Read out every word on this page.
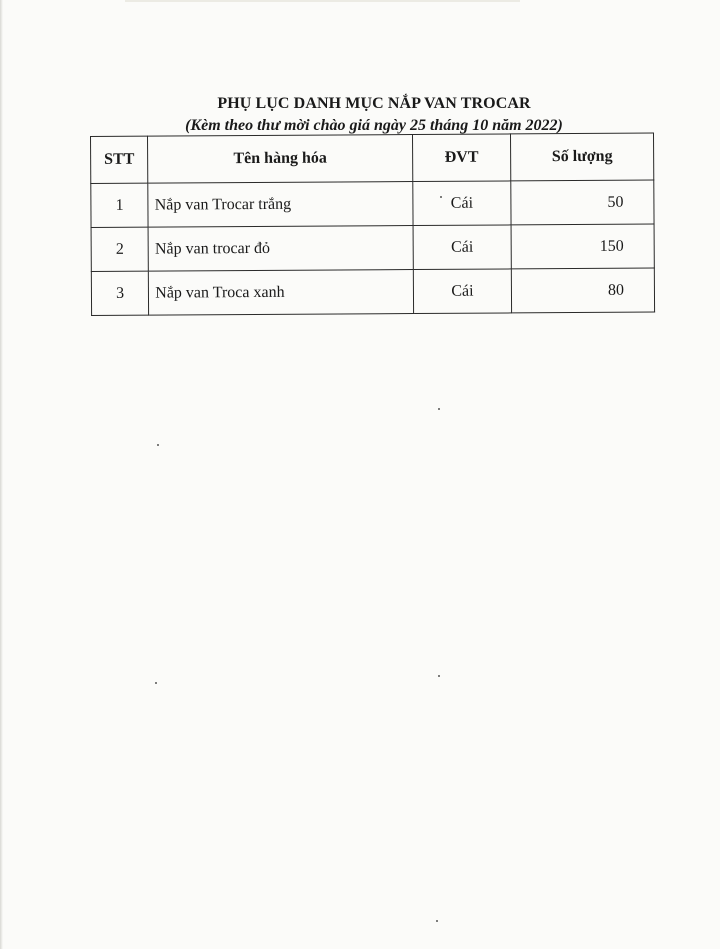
PHỤ LỤC DANH MỤC NẮP VAN TROCAR
(Kèm theo thư mời chào giá ngày 25 tháng 10 năm 2022)
STT	Tên hàng hóa	ĐVT	Số lượng
1	Nắp van Trocar trắng	Cái	50
2	Nắp van trocar đỏ	Cái	150
3	Nắp van Troca xanh	Cái	80
